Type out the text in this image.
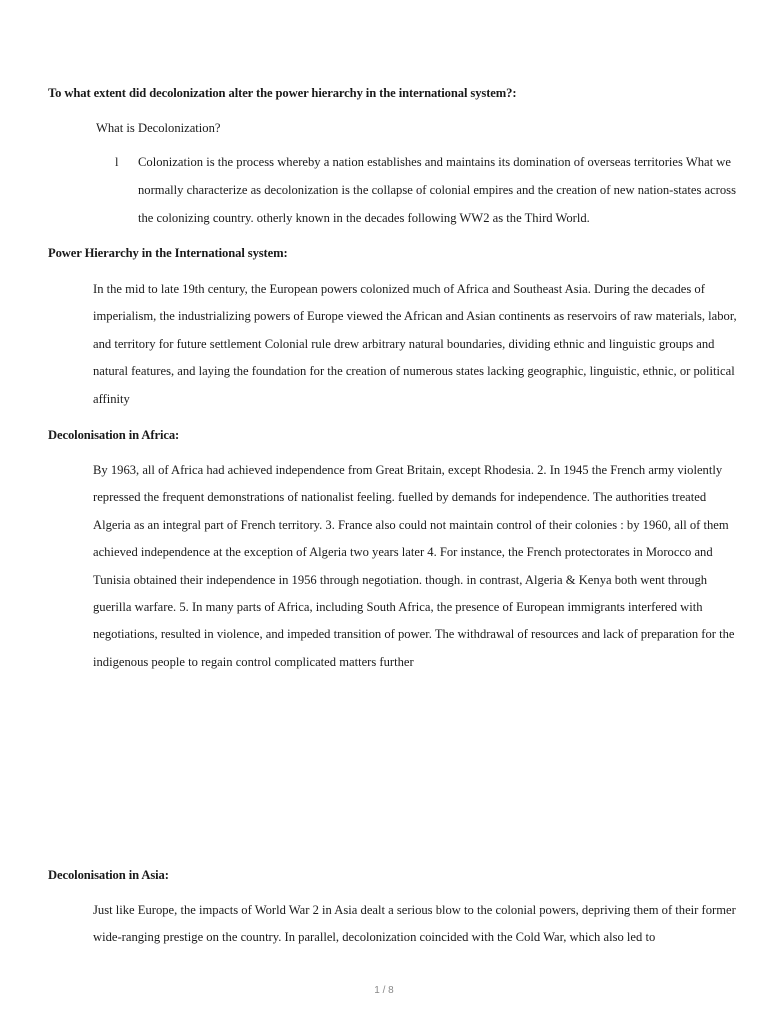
To what extent did decolonization alter the power hierarchy in the international system?:
What is Decolonization?
l Colonization is the process whereby a nation establishes and maintains its domination of overseas territories What we normally characterize as decolonization is the collapse of colonial empires and the creation of new nation-states across the colonizing country. otherly known in the decades following WW2 as the Third World.
Power Hierarchy in the International system:
In the mid to late 19th century, the European powers colonized much of Africa and Southeast Asia. During the decades of imperialism, the industrializing powers of Europe viewed the African and Asian continents as reservoirs of raw materials, labor, and territory for future settlement Colonial rule drew arbitrary natural boundaries, dividing ethnic and linguistic groups and natural features, and laying the foundation for the creation of numerous states lacking geographic, linguistic, ethnic, or political affinity
Decolonisation in Africa:
By 1963, all of Africa had achieved independence from Great Britain, except Rhodesia. 2. In 1945 the French army violently repressed the frequent demonstrations of nationalist feeling. fuelled by demands for independence. The authorities treated Algeria as an integral part of French territory. 3. France also could not maintain control of their colonies : by 1960, all of them achieved independence at the exception of Algeria two years later 4. For instance, the French protectorates in Morocco and Tunisia obtained their independence in 1956 through negotiation. though. in contrast, Algeria & Kenya both went through guerilla warfare. 5. In many parts of Africa, including South Africa, the presence of European immigrants interfered with negotiations, resulted in violence, and impeded transition of power. The withdrawal of resources and lack of preparation for the indigenous people to regain control complicated matters further
Decolonisation in Asia:
Just like Europe, the impacts of World War 2 in Asia dealt a serious blow to the colonial powers, depriving them of their former wide-ranging prestige on the country. In parallel, decolonization coincided with the Cold War, which also led to
1 / 8
